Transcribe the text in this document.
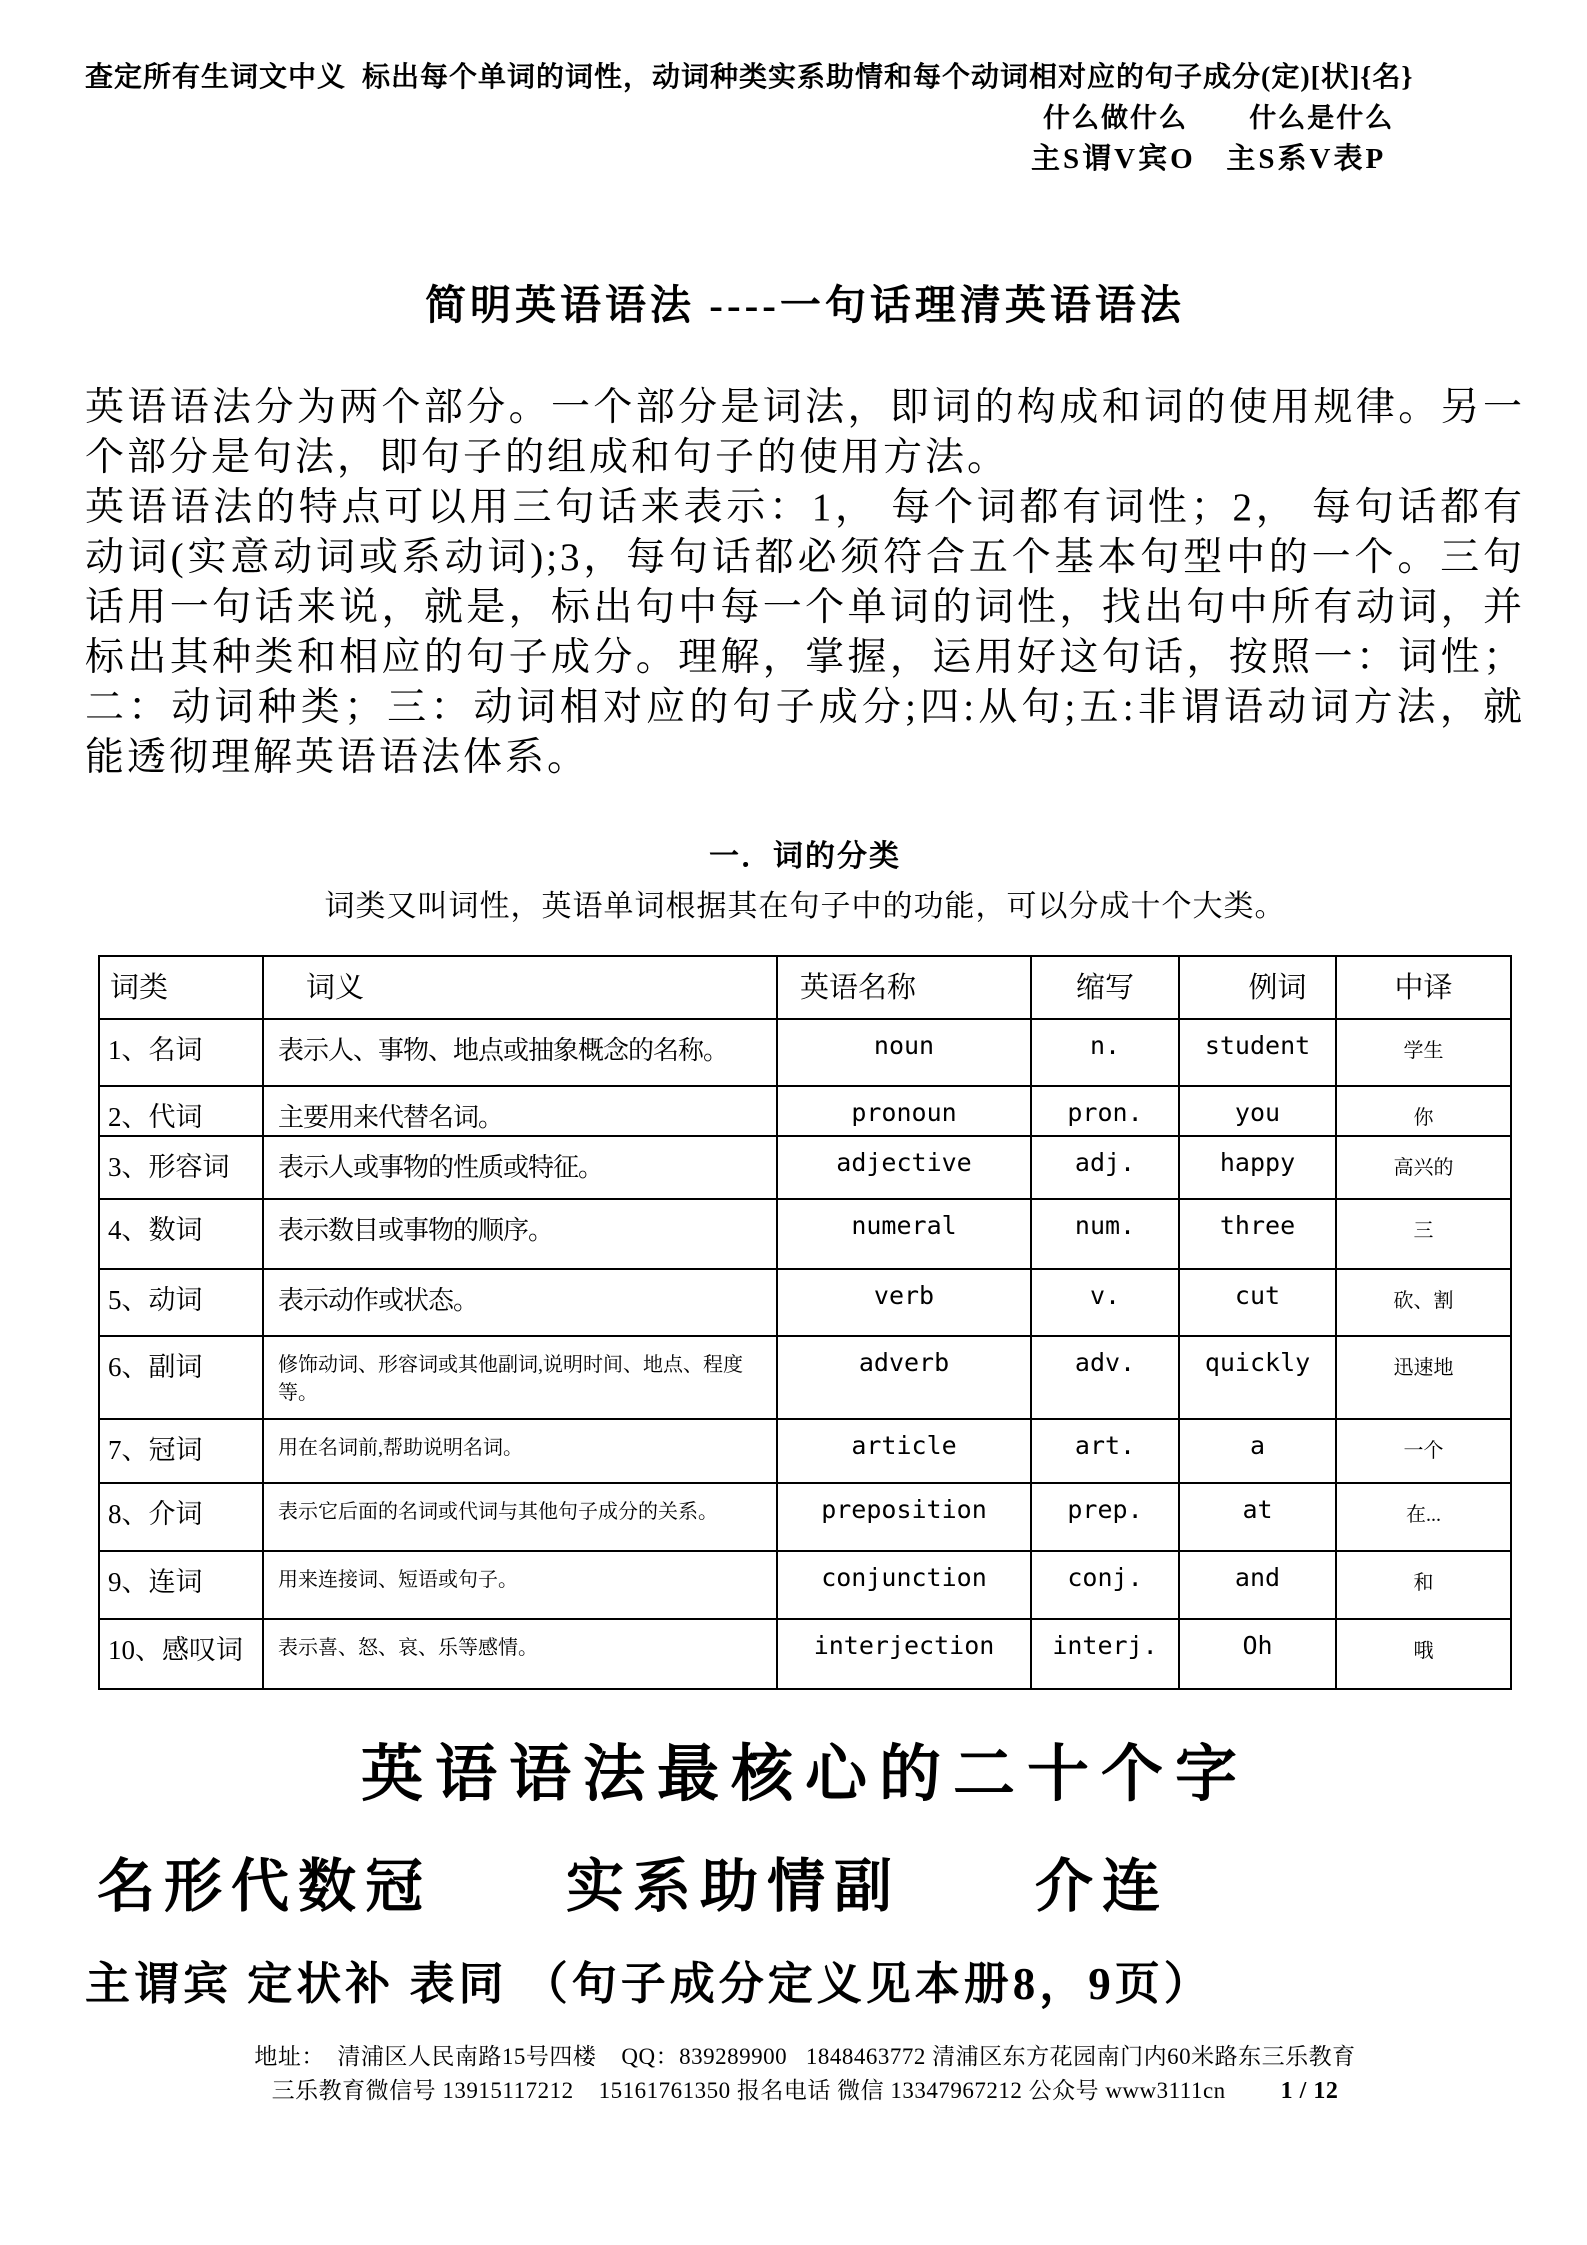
查定所有生词文中义  标出每个单词的词性，动词种类实系助情和每个动词相对应的句子成分(定)[状]{名}
什么做什么       什么是什么
主S谓V宾O   主S系V表P
简明英语语法 ----一句话理清英语语法

英语语法分为两个部分。一个部分是词法，即词的构成和词的使用规律。另一个部分是句法，即句子的组成和句子的使用方法。

英语语法的特点可以用三句话来表示：1， 每个词都有词性；2， 每句话都有动词(实意动词或系动词);3，每句话都必须符合五个基本句型中的一个。三句话用一句话来说，就是，标出句中每一个单词的词性，找出句中所有动词，并标出其种类和相应的句子成分。理解，掌握，运用好这句话，按照一：词性；二：动词种类；三：动词相对应的句子成分;四:从句;五:非谓语动词方法，就能透彻理解英语语法体系。

一．词的分类
词类又叫词性，英语单词根据其在句子中的功能，可以分成十个大类。
词类	词义	英语名称	缩写	例词	中译
1、名词	表示人、事物、地点或抽象概念的名称。	noun	n.	student	学生
2、代词	主要用来代替名词。	pronoun	pron.	you	你
3、形容词	表示人或事物的性质或特征。	adjective	adj.	happy	高兴的
4、数词	表示数目或事物的顺序。	numeral	num.	three	三
5、动词	表示动作或状态。	verb	v.	cut	砍、割
6、副词	修饰动词、形容词或其他副词,说明时间、地点、程度等。	adverb	adv.	quickly	迅速地
7、冠词	用在名词前,帮助说明名词。	article	art.	a	一个
8、介词	表示它后面的名词或代词与其他句子成分的关系。	preposition	prep.	at	在...
9、连词	用来连接词、短语或句子。	conjunction	conj.	and	和
10、感叹词	表示喜、怒、哀、乐等感情。	interjection	interj.	Oh	哦
英语语法最核心的二十个字
名形代数冠　　实系助情副　　介连
主谓宾 定状补 表同 （句子成分定义见本册8，9页）
地址：  清浦区人民南路15号四楼    QQ：839289900   1848463772 清浦区东方花园南门内60米路东三乐教育
三乐教育微信号 13915117212    15161761350 报名电话 微信 13347967212 公众号 www3111cn 1 / 12
